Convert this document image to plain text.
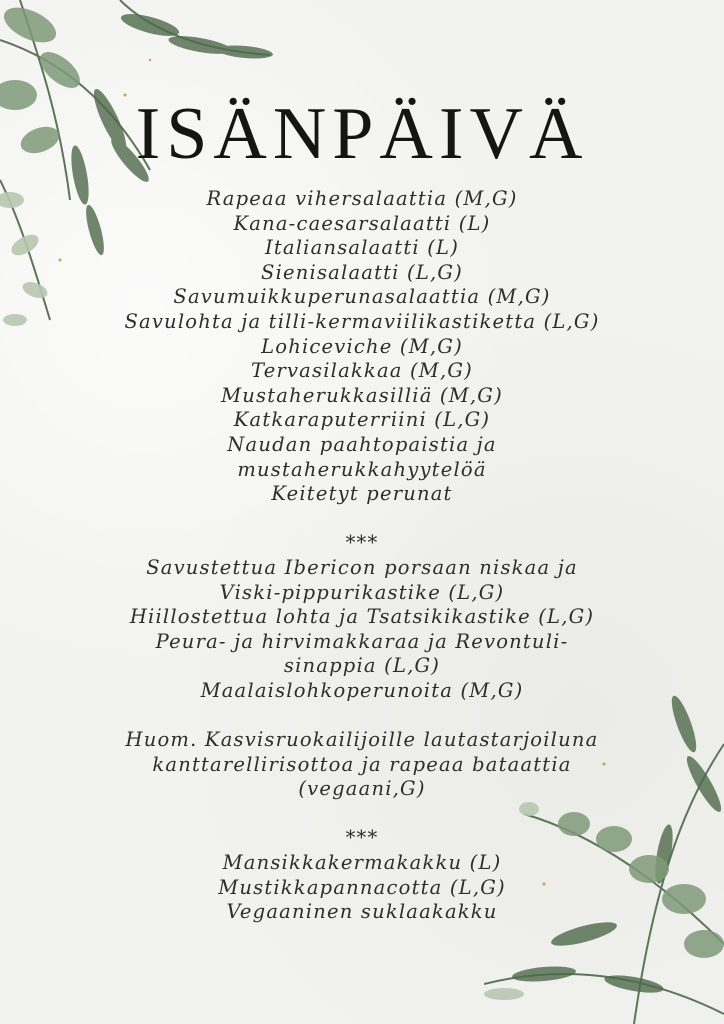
ISÄNPÄIVÄ
Rapeaa vihersalaattia (M,G)
Kana-caesarsalaatti (L)
Italiansalaatti (L)
Sienisalaatti (L,G)
Savumuikkuperunasalaattia (M,G)
Savulohta ja tilli-kermaviilikastiketta (L,G)
Lohiceviche (M,G)
Tervasilakkaa (M,G)
Mustaherukkasilliä (M,G)
Katkaraputerriini (L,G)
Naudan paahtopaistia ja
mustaherukkahyytelöä
Keitetyt perunat
***
Savustettua Ibericon porsaan niskaa ja
Viski-pippurikastike (L,G)
Hiillostettua lohta ja Tsatsikikastike (L,G)
Peura- ja hirvimakkaraa ja Revontuli-
sinappia (L,G)
Maalaislohkoperunoita (M,G)
Huom. Kasvisruokailijoille lautastarjoiluna
kanttarellirisottoa ja rapeaa bataattia
(vegaani,G)
***
Mansikkakermakakku (L)
Mustikkapannacotta (L,G)
Vegaaninen suklaakakku
